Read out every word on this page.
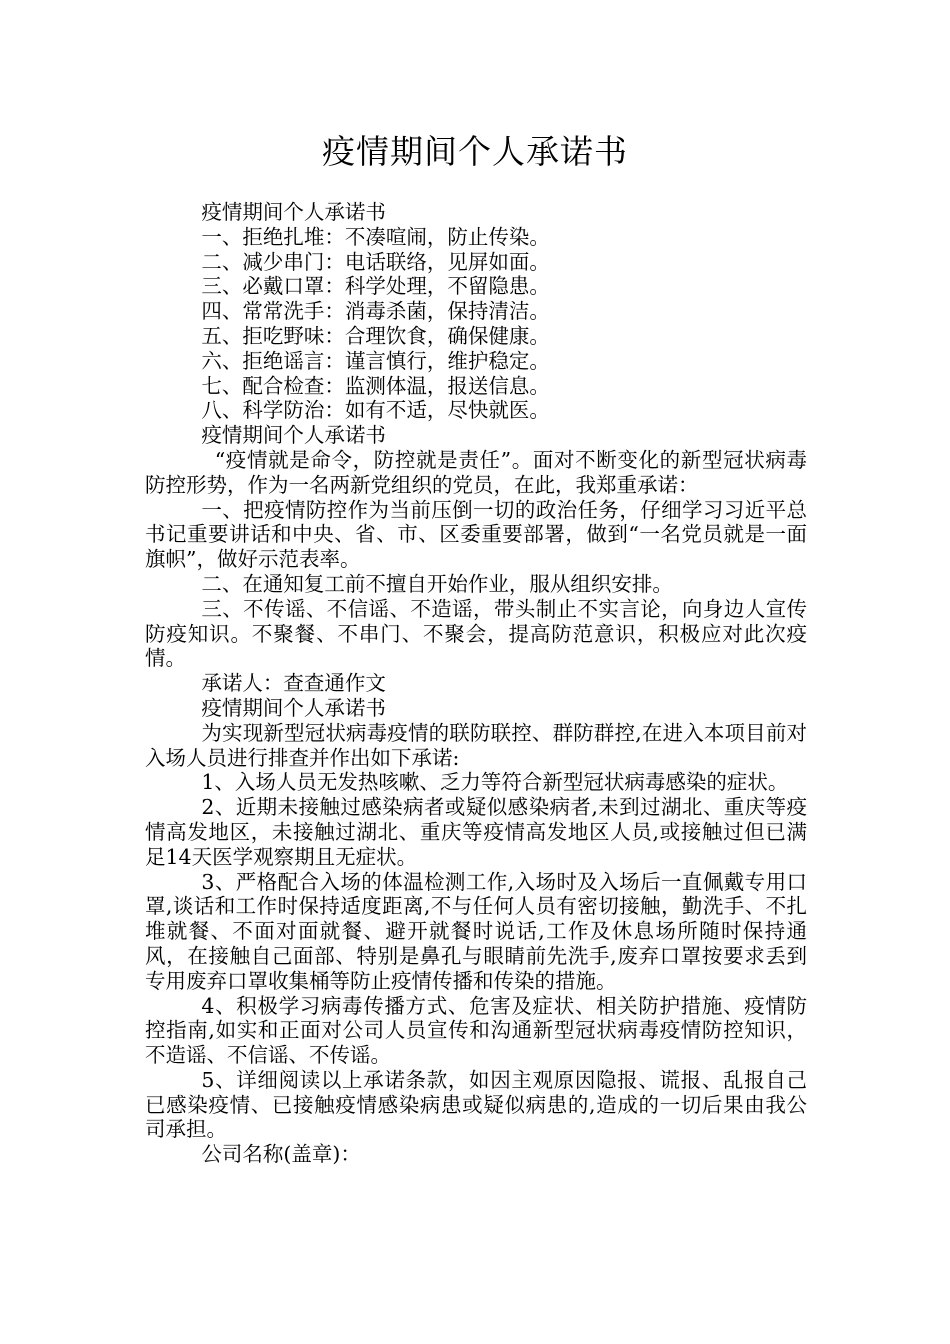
疫情期间个人承诺书

疫情期间个人承诺书

一、拒绝扎堆：不凑喧闹，防止传染。

二、减少串门：电话联络，见屏如面。

三、必戴口罩：科学处理，不留隐患。

四、常常洗手：消毒杀菌，保持清洁。

五、拒吃野味：合理饮食，确保健康。

六、拒绝谣言：谨言慎行，维护稳定。

七、配合检查：监测体温，报送信息。

八、科学防治：如有不适，尽快就医。

疫情期间个人承诺书

“疫情就是命令，防控就是责任”。面对不断变化的新型冠状病毒防控形势，作为一名两新党组织的党员，在此，我郑重承诺：

一、把疫情防控作为当前压倒一切的政治任务，仔细学习习近平总书记重要讲话和中央、省、市、区委重要部署，做到“一名党员就是一面旗帜”，做好示范表率。

二、在通知复工前不擅自开始作业，服从组织安排。

三、不传谣、不信谣、不造谣，带头制止不实言论，向身边人宣传防疫知识。不聚餐、不串门、不聚会，提高防范意识，积极应对此次疫情。

承诺人：查查通作文

疫情期间个人承诺书

为实现新型冠状病毒疫情的联防联控、群防群控,在进入本项目前对入场人员进行排查并作出如下承诺:

1、入场人员无发热咳嗽、乏力等符合新型冠状病毒感染的症状。

2、近期未接触过感染病者或疑似感染病者,未到过湖北、重庆等疫情高发地区，未接触过湖北、重庆等疫情高发地区人员,或接触过但已满足14天医学观察期且无症状。

3、严格配合入场的体温检测工作,入场时及入场后一直佩戴专用口罩,谈话和工作时保持适度距离,不与任何人员有密切接触，勤洗手、不扎堆就餐、不面对面就餐、避开就餐时说话,工作及休息场所随时保持通风，在接触自己面部、特别是鼻孔与眼睛前先洗手,废弃口罩按要求丢到专用废弃口罩收集桶等防止疫情传播和传染的措施。

4、积极学习病毒传播方式、危害及症状、相关防护措施、疫情防控指南,如实和正面对公司人员宣传和沟通新型冠状病毒疫情防控知识，不造谣、不信谣、不传谣。

5、详细阅读以上承诺条款，如因主观原因隐报、谎报、乱报自己已感染疫情、已接触疫情感染病患或疑似病患的,造成的一切后果由我公司承担。

公司名称(盖章)：
